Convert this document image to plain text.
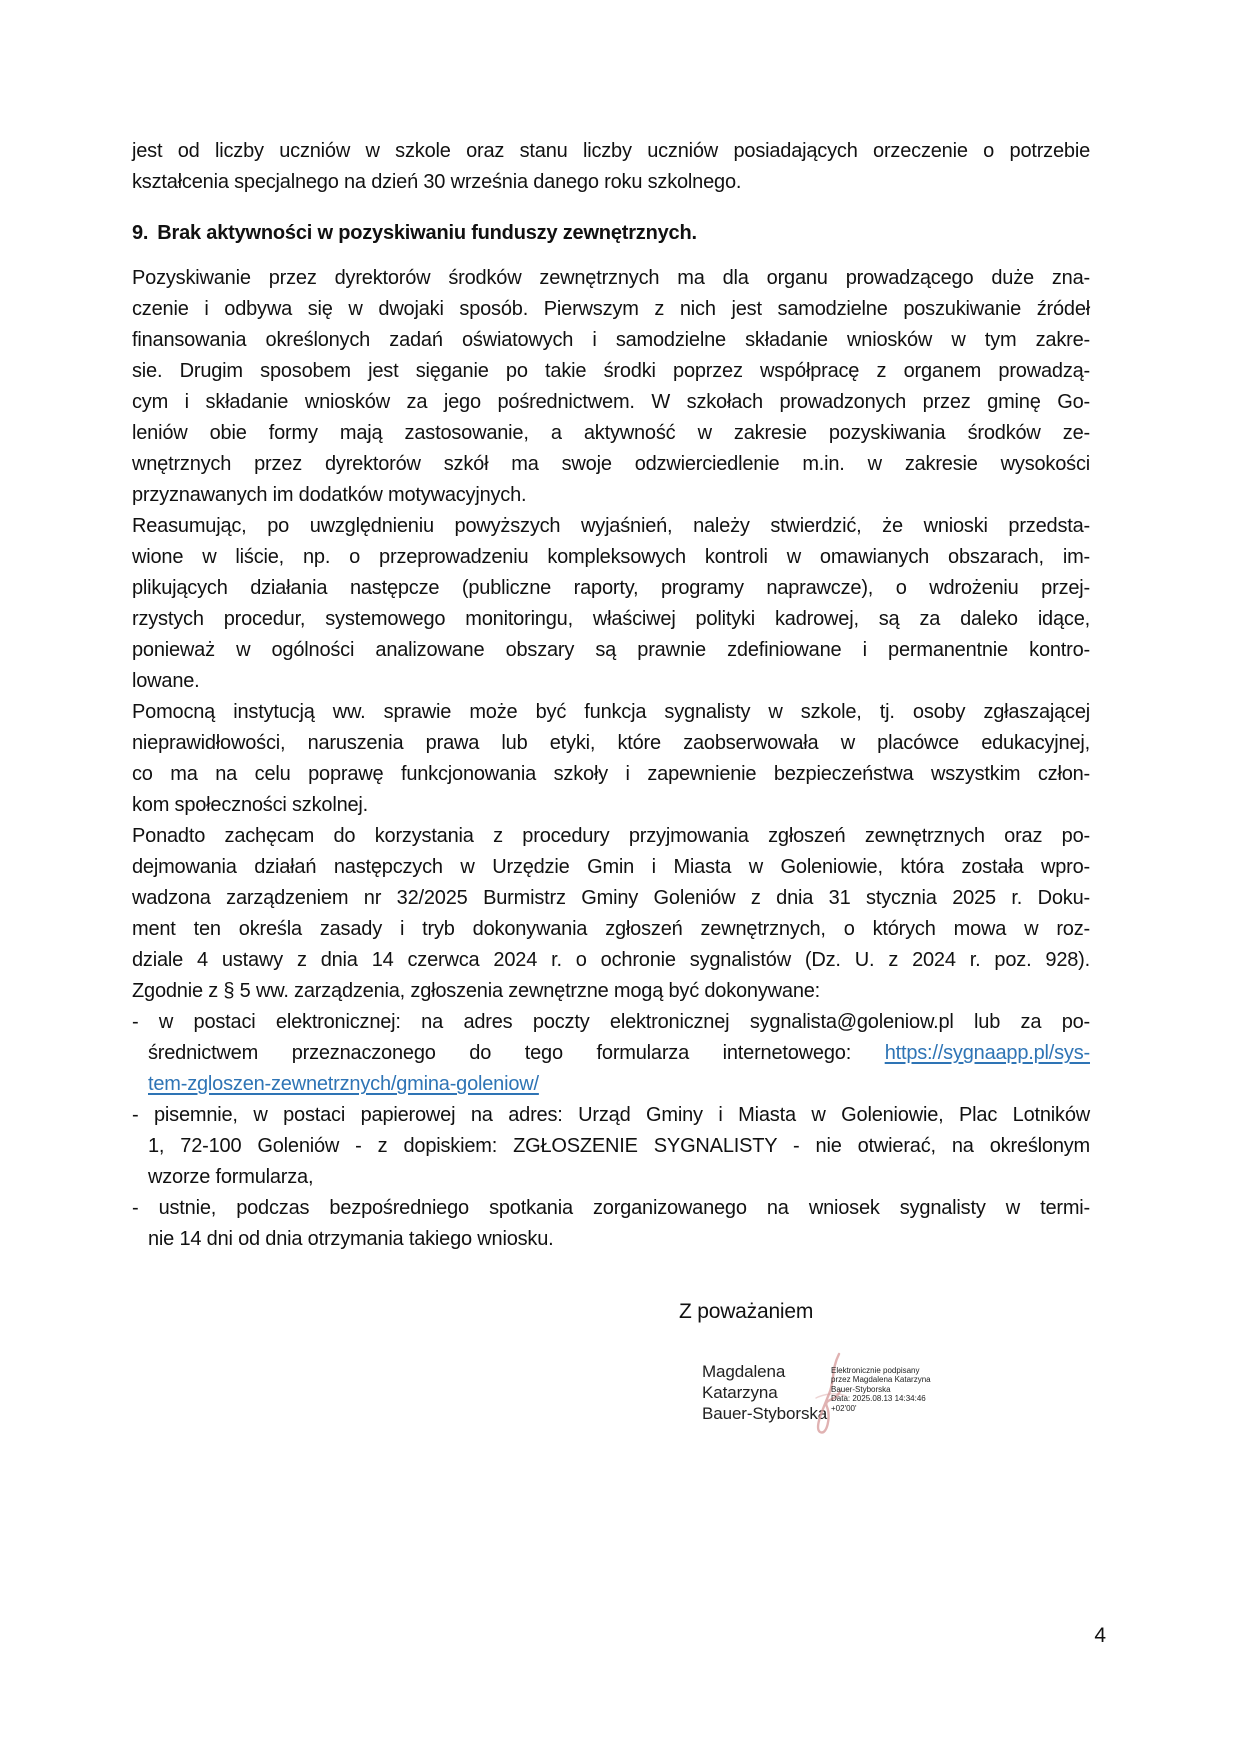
jest od liczby uczniów w szkole oraz stanu liczby uczniów posiadających orzeczenie o potrzebie
kształcenia specjalnego na dzień 30 września danego roku szkolnego.
9. Brak aktywności w pozyskiwaniu funduszy zewnętrznych.
Pozyskiwanie przez dyrektorów środków zewnętrznych ma dla organu prowadzącego duże zna-
czenie i odbywa się w dwojaki sposób. Pierwszym z nich jest samodzielne poszukiwanie źródeł
finansowania określonych zadań oświatowych i samodzielne składanie wniosków w tym zakre-
sie. Drugim sposobem jest sięganie po takie środki poprzez współpracę z organem prowadzą-
cym i składanie wniosków za jego pośrednictwem. W szkołach prowadzonych przez gminę Go-
leniów obie formy mają zastosowanie, a aktywność w zakresie pozyskiwania środków ze-
wnętrznych przez dyrektorów szkół ma swoje odzwierciedlenie m.in. w zakresie wysokości
przyznawanych im dodatków motywacyjnych.
Reasumując, po uwzględnieniu powyższych wyjaśnień, należy stwierdzić, że wnioski przedsta-
wione w liście, np. o przeprowadzeniu kompleksowych kontroli w omawianych obszarach, im-
plikujących działania następcze (publiczne raporty, programy naprawcze), o wdrożeniu przej-
rzystych procedur, systemowego monitoringu, właściwej polityki kadrowej, są za daleko idące,
ponieważ w ogólności analizowane obszary są prawnie zdefiniowane i permanentnie kontro-
lowane.
Pomocną instytucją ww. sprawie może być funkcja sygnalisty w szkole, tj. osoby zgłaszającej
nieprawidłowości, naruszenia prawa lub etyki, które zaobserwowała w placówce edukacyjnej,
co ma na celu poprawę funkcjonowania szkoły i zapewnienie bezpieczeństwa wszystkim człon-
kom społeczności szkolnej.
Ponadto zachęcam do korzystania z procedury przyjmowania zgłoszeń zewnętrznych oraz po-
dejmowania działań następczych w Urzędzie Gmin i Miasta w Goleniowie, która została wpro-
wadzona zarządzeniem nr 32/2025 Burmistrz Gminy Goleniów z dnia 31 stycznia 2025 r. Doku-
ment ten określa zasady i tryb dokonywania zgłoszeń zewnętrznych, o których mowa w roz-
dziale 4 ustawy z dnia 14 czerwca 2024 r. o ochronie sygnalistów (Dz. U. z 2024 r. poz. 928).
Zgodnie z § 5 ww. zarządzenia, zgłoszenia zewnętrzne mogą być dokonywane:
- w postaci elektronicznej: na adres poczty elektronicznej sygnalista@goleniow.pl lub za po-
średnictwem przeznaczonego do tego formularza internetowego: https://sygnaapp.pl/sys-
tem-zgloszen-zewnetrznych/gmina-goleniow/
- pisemnie, w postaci papierowej na adres: Urząd Gminy i Miasta w Goleniowie, Plac Lotników
1, 72-100 Goleniów - z dopiskiem: ZGŁOSZENIE SYGNALISTY - nie otwierać, na określonym
wzorze formularza,
- ustnie, podczas bezpośredniego spotkania zorganizowanego na wniosek sygnalisty w termi-
nie 14 dni od dnia otrzymania takiego wniosku.
Z poważaniem
Magdalena
Katarzyna
Bauer-Styborska
Elektronicznie podpisany
przez Magdalena Katarzyna
Bauer-Styborska
Data: 2025.08.13 14:34:46
+02'00'
4
